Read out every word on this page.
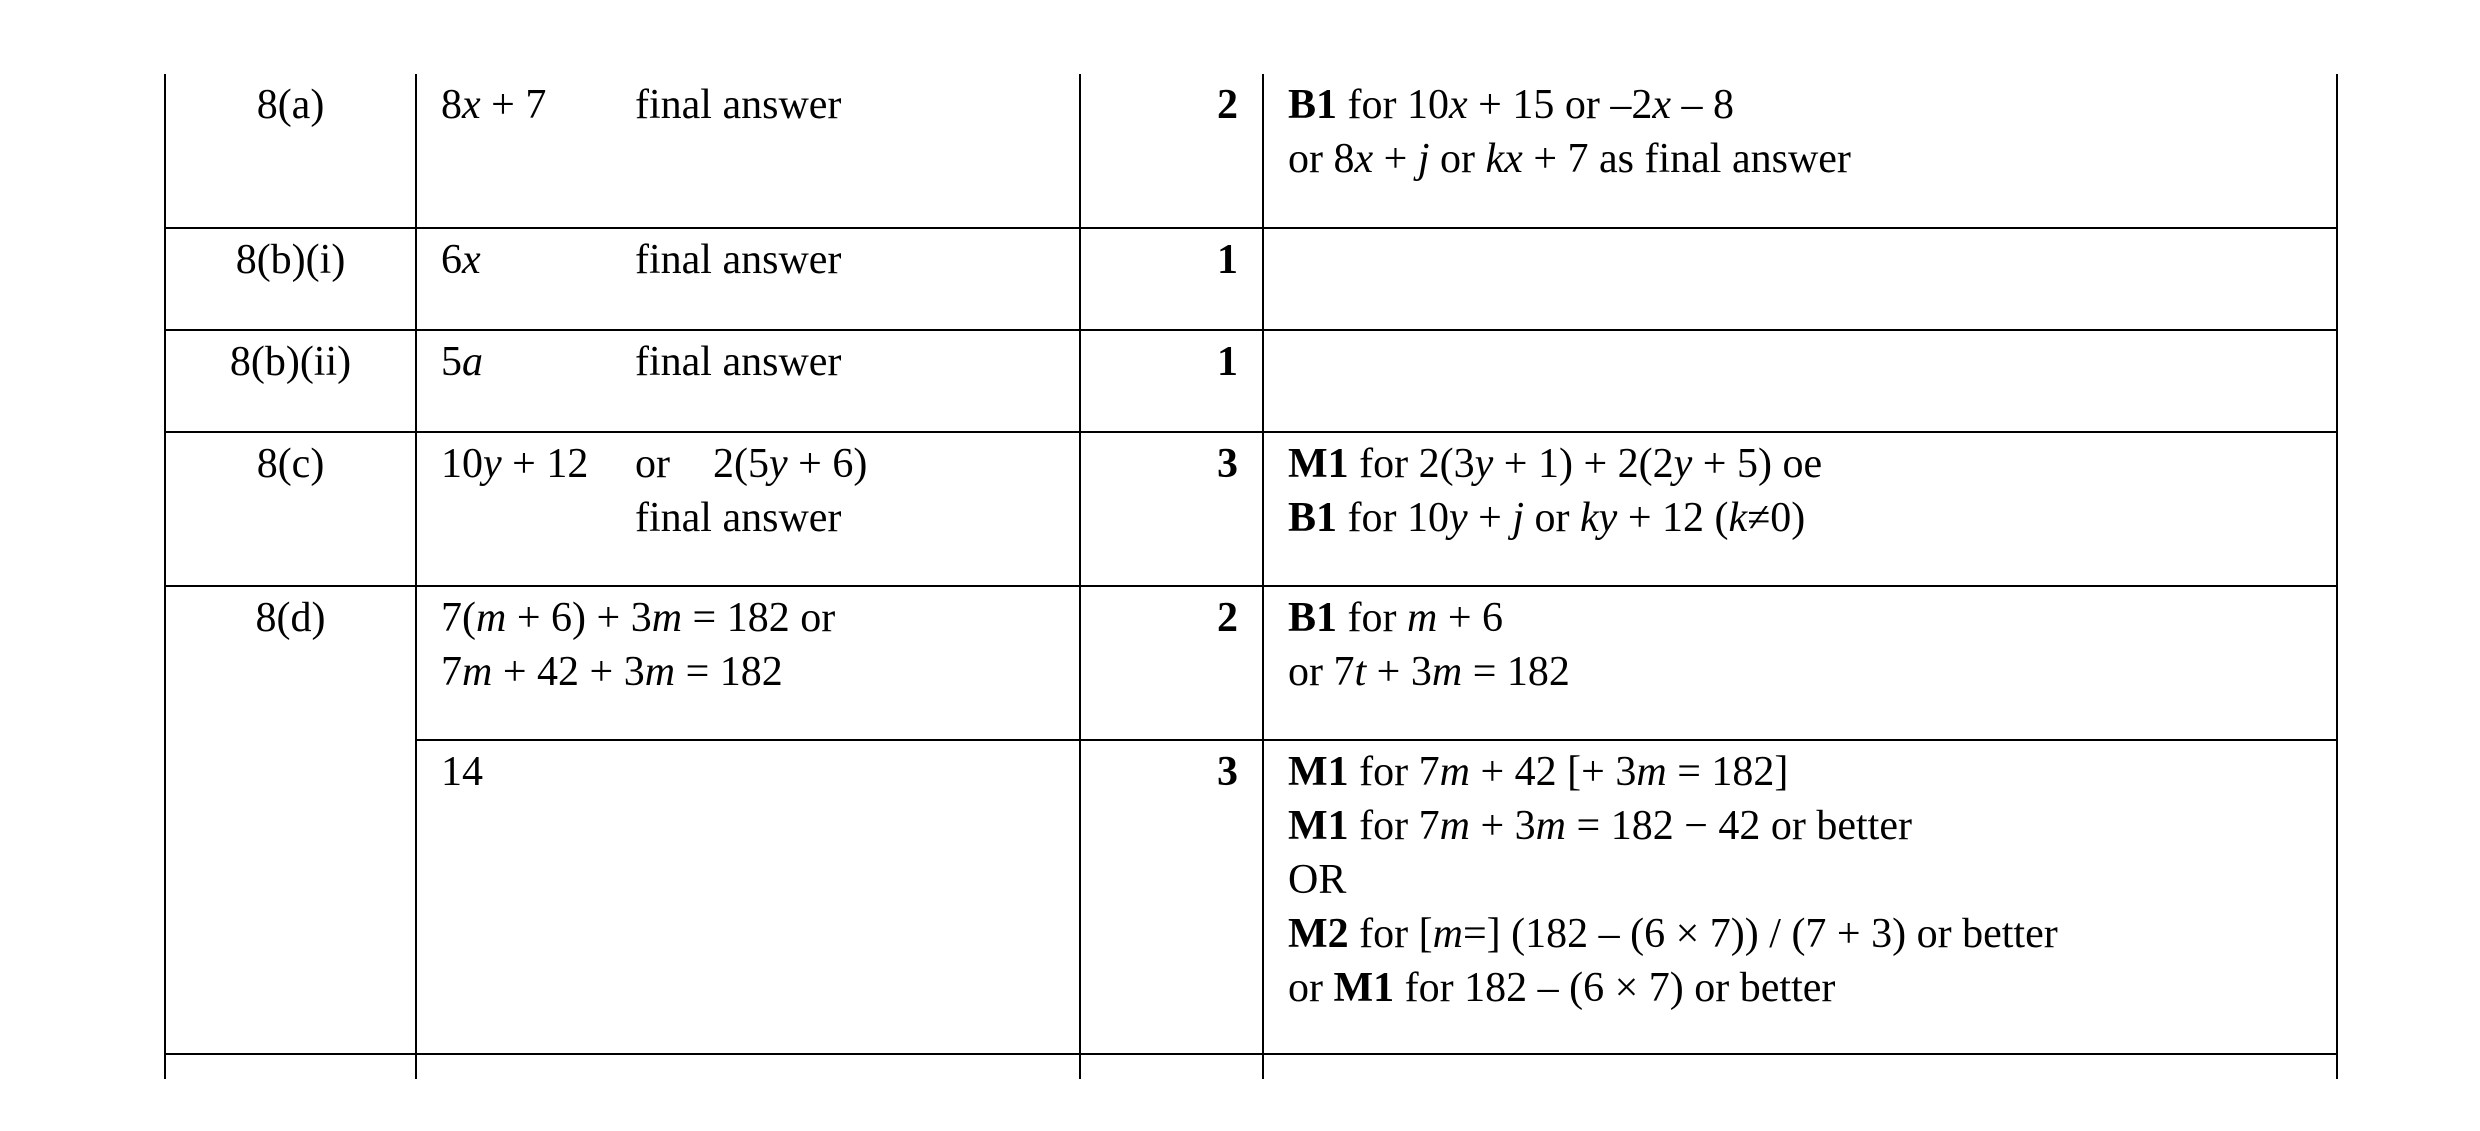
8(a)	8x + 7 final answer	2	B1 for 10x + 15 or –2x – 8
or 8x + j or kx + 7 as final answer

8(b)(i)	6x final answer	1	
8(b)(ii)	5a final answer	1	
8(c)	10y + 12 or 2(5y + 6)
final answer	3	M1 for 2(3y + 1) + 2(2y + 5) oe
B1 for 10y + j or ky + 12 (k≠0)

8(d)	7(m + 6) + 3m = 182 or
7m + 42 + 3m = 182	2	B1 for m + 6
or 7t + 3m = 182

	14	3	M1 for 7m + 42 [+ 3m = 182]
M1 for 7m + 3m = 182 − 42 or better
OR
M2 for [m=] (182 – (6 × 7)) / (7 + 3) or better
or M1 for 182 – (6 × 7) or better
